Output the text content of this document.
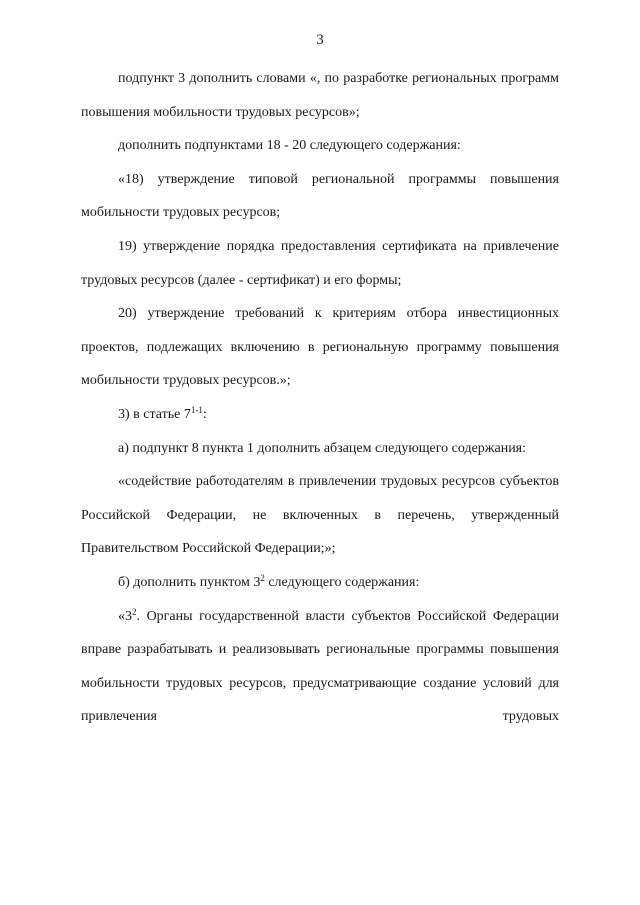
3

подпункт 3 дополнить словами «, по разработке региональных программ повышения мобильности трудовых ресурсов»;

дополнить подпунктами 18 - 20 следующего содержания:

«18) утверждение типовой региональной программы повышения мобильности трудовых ресурсов;

19) утверждение порядка предоставления сертификата на привлечение трудовых ресурсов (далее - сертификат) и его формы;

20) утверждение требований к критериям отбора инвестиционных проектов, подлежащих включению в региональную программу повышения мобильности трудовых ресурсов.»;

3) в статье 7$^{1-1}$:

а) подпункт 8 пункта 1 дополнить абзацем следующего содержания:

«содействие работодателям в привлечении трудовых ресурсов субъектов Российской Федерации, не включенных в перечень, утвержденный Правительством Российской Федерации;»;

б) дополнить пунктом $3^2$ следующего содержания:

«$3^2$. Органы государственной власти субъектов Российской Федерации вправе разрабатывать и реализовывать региональные программы повышения мобильности трудовых ресурсов, предусматривающие создание условий для привлечения трудовых
